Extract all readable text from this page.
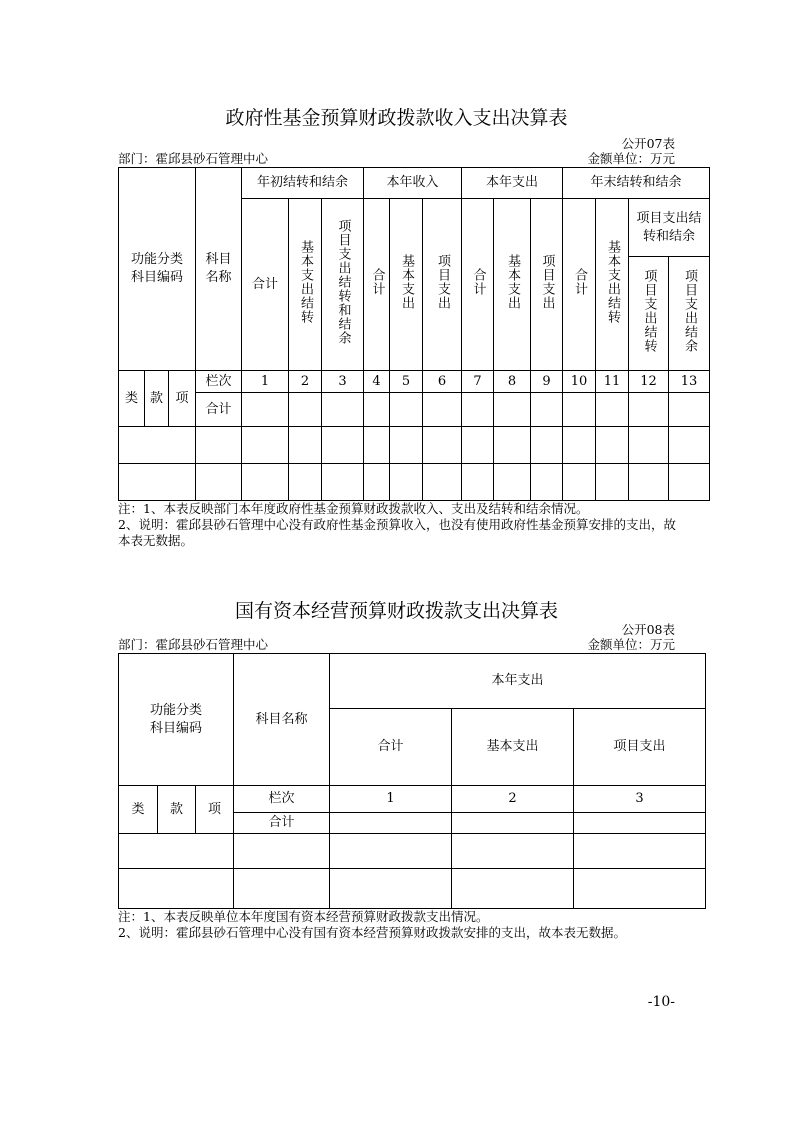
政府性基金预算财政拨款收入支出决算表
公开07表
部门：霍邱县砂石管理中心	金额单位：万元
功能分类科目编码			科目名称	年初结转和结余			本年收入			本年支出			年末结转和结余			
				合计	基本支出结转	项目支出结转和结余	合计	基本支出	项目支出	合计	基本支出	项目支出	合计	基本支出结转	项目支出结转和结余	
															项目支出结转	项目支出结余
类	款	项	栏次	1	2	3	4	5	6	7	8	9	10	11	12	13
			合计													

注：1、本表反映部门本年度政府性基金预算财政拨款收入、支出及结转和结余情况。
2、说明：霍邱县砂石管理中心没有政府性基金预算收入，也没有使用政府性基金预算安排的支出，故本表无数据。
国有资本经营预算财政拨款支出决算表
公开08表
部门：霍邱县砂石管理中心	金额单位：万元
功能分类科目编码			科目名称	本年支出		
				合计	基本支出	项目支出
类	款	项	栏次	1	2	3
			合计			

注：1、本表反映单位本年度国有资本经营预算财政拨款支出情况。
2、说明：霍邱县砂石管理中心没有国有资本经营预算财政拨款安排的支出，故本表无数据。
-10-
